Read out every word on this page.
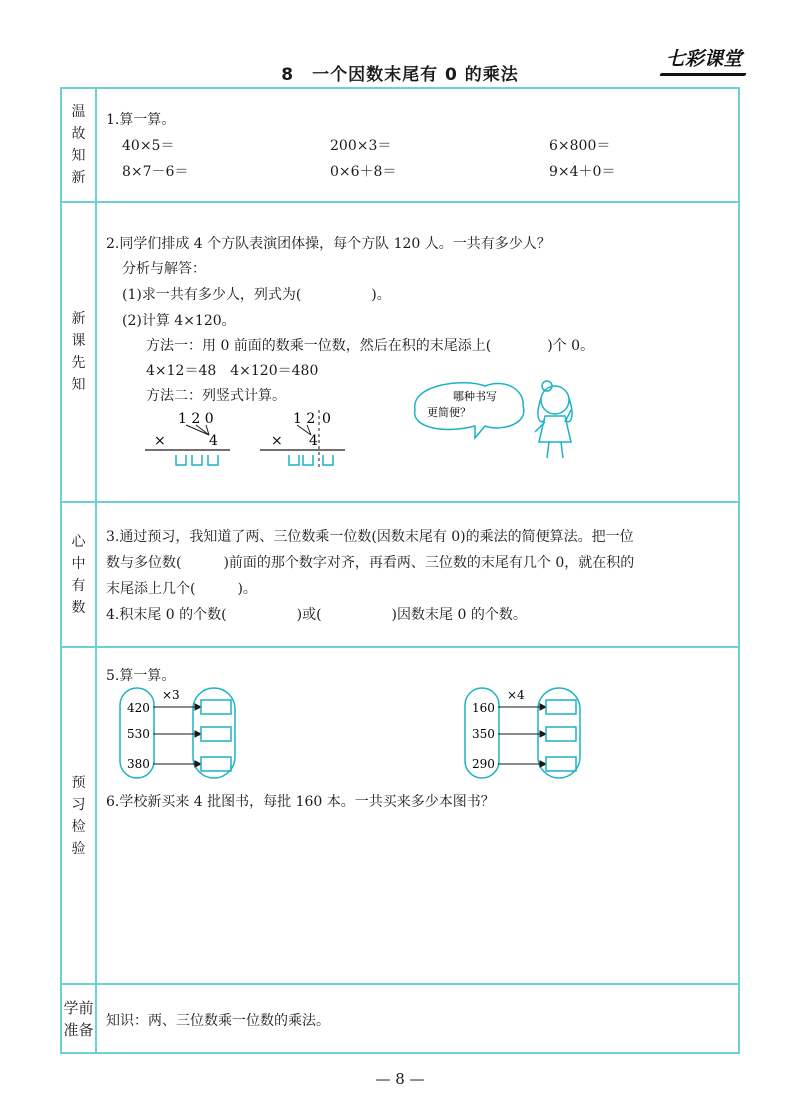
8　一个因数末尾有 0 的乘法
七彩课堂
温
故
知
新
新
课
先
知
心
中
有
数
预
习
检
验
学前
准备
1.算一算。
40×5＝	200×3＝	6×800＝
8×7－6＝	0×6＋8＝	9×4＋0＝
2.同学们排成 4 个方队表演团体操，每个方队 120 人。一共有多少人？
分析与解答：
(1)求一共有多少人，列式为(　　　　　)。
(2)计算 4×120。
方法一：用 0 前面的数乘一位数，然后在积的末尾添上(　　　　)个 0。
4×12＝48　4×120＝480
方法二：列竖式计算。
1 2 0
×	4
1 2 0
× 4
哪种书写
更简便？
3.通过预习，我知道了两、三位数乘一位数(因数末尾有 0)的乘法的简便算法。把一位
数与多位数(　　　)前面的那个数字对齐，再看两、三位数的末尾有几个 0，就在积的
末尾添上几个(　　　)。
4.积末尾 0 的个数(　　　　　)或(　　　　　)因数末尾 0 的个数。
5.算一算。
420
530
380
×3
160
350
290
×4
6.学校新买来 4 批图书，每批 160 本。一共买来多少本图书？
知识：两、三位数乘一位数的乘法。
— 8 —
